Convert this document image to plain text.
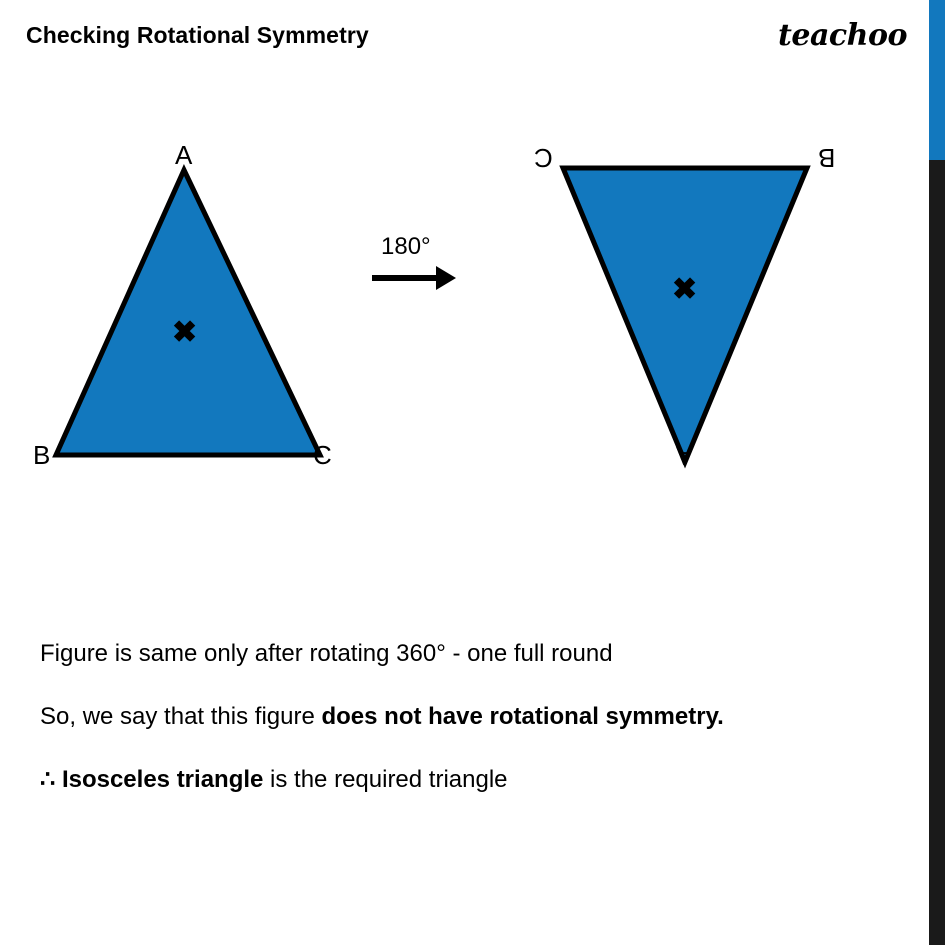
Checking Rotational Symmetry	teachoo
A
B	C
✖
180°
C	B
A
✖
Figure is same only after rotating 360° - one full round
So, we say that this figure does not have rotational symmetry.
∴ Isosceles triangle is the required triangle
